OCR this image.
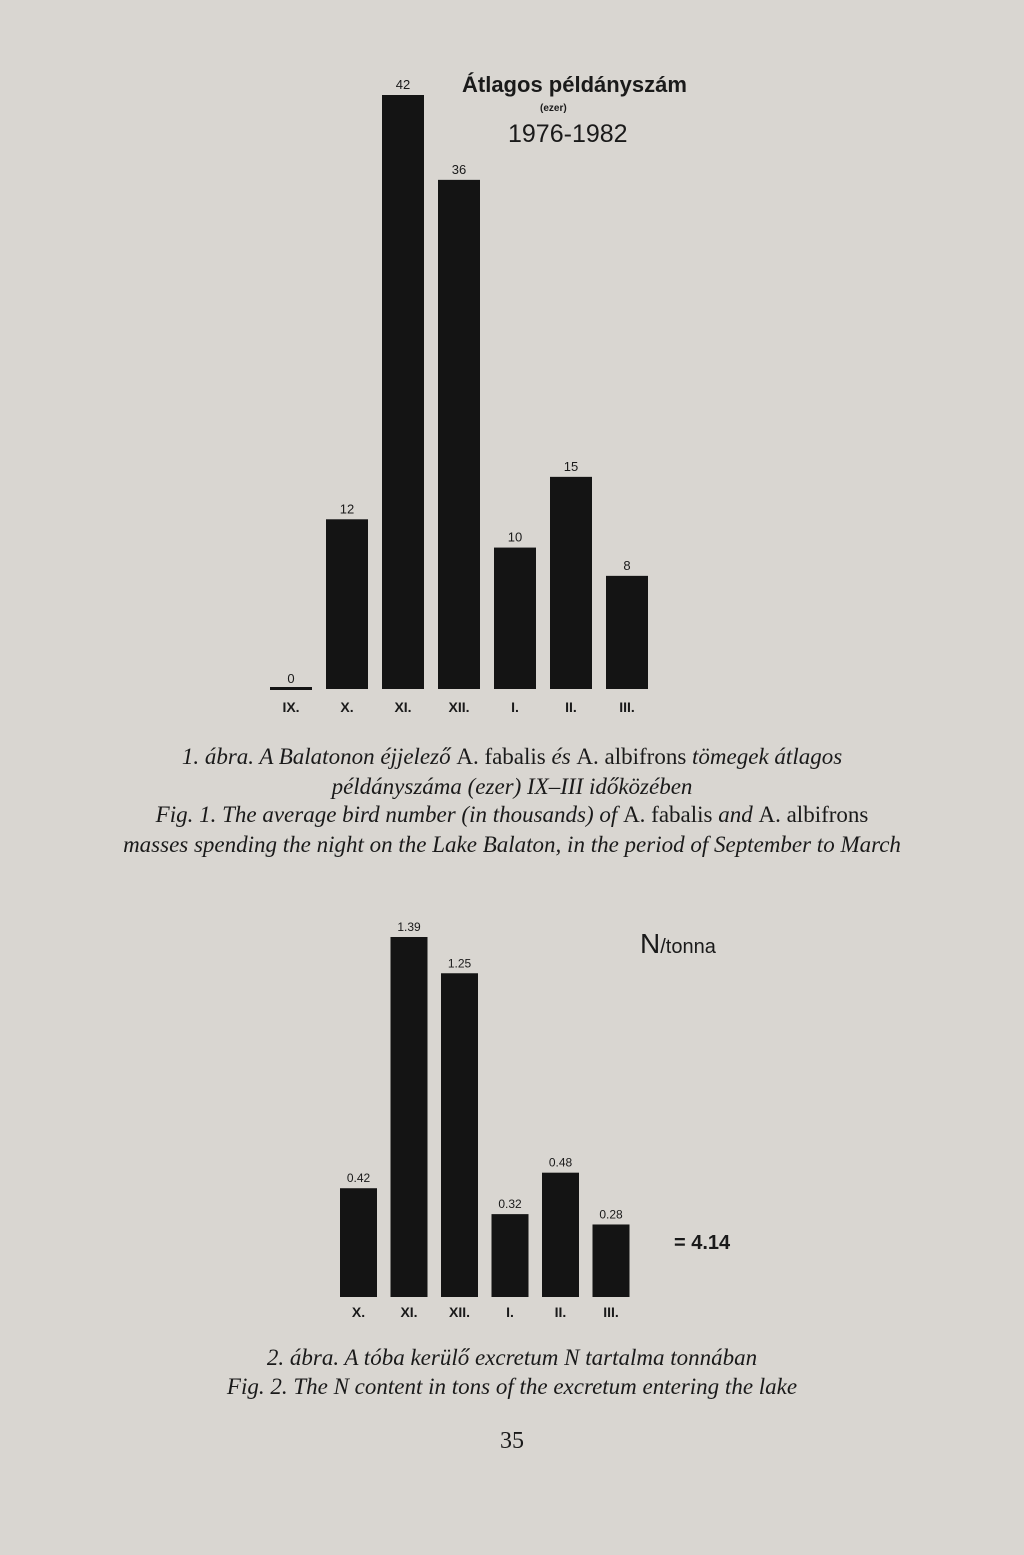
0
IX.
12
X.
42
XI.
36
XII.
10
I.
15
II.
8
III.
Átlagos példányszám
(ezer)
1976-1982

1. ábra. A Balatonon éjjelező A. fabalis és A. albifrons tömegek átlagos
példányszáma (ezer) IX–III időközében

Fig. 1. The average bird number (in thousands) of A. fabalis and A. albifrons
masses spending the night on the Lake Balaton, in the period of September to March

0.42
X.
1.39
XI.
1.25
XII.
0.32
I.
0.48
II.
0.28
III.
N/tonna
= 4.14

2. ábra. A tóba kerülő excretum N tartalma tonnában

Fig. 2. The N content in tons of the excretum entering the lake

35
